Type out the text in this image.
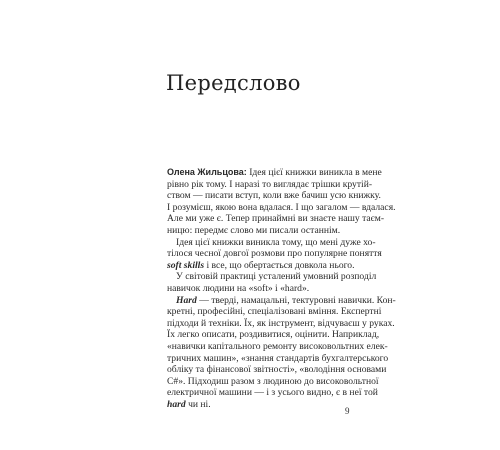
Передслово

Олена Жильцова: Ідея цієї книжки виникла в мене
рівно рік тому. І наразі то виглядає трішки крутій-
ством — писати вступ, коли вже бачиш усю книжку.
І розумієш, якою вона вдалася. І що загалом — вдалася.
Але ми уже є. Тепер принаймні ви знаєте нашу таєм-
ницю: передмє слово ми писали останнім.

Ідея цієї книжки виникла тому, що мені дуже хо-
тілося чесної довгої розмови про популярне поняття
soft skills і все, що обертається довкола нього.

У світовій практиці усталений умовний розподіл
навичок людини на «soft» і «hard».

Hard — тверді, намацальні, тектуровні навички. Кон-
кретні, професійні, спеціалізовані вміння. Експертні
підходи й техніки. Їх, як інструмент, відчуваєш у руках.
Їх легко описати, роздивитися, оцінити. Наприклад,
«навички капітального ремонту високовольтних елек-
тричних машин», «знання стандартів бухгалтерського
обліку та фінансової звітності», «володіння основами
C#». Підходиш разом з людиною до високовольтної
електричної машини — і з усього видно, є в неї той
hard чи ні.

9
